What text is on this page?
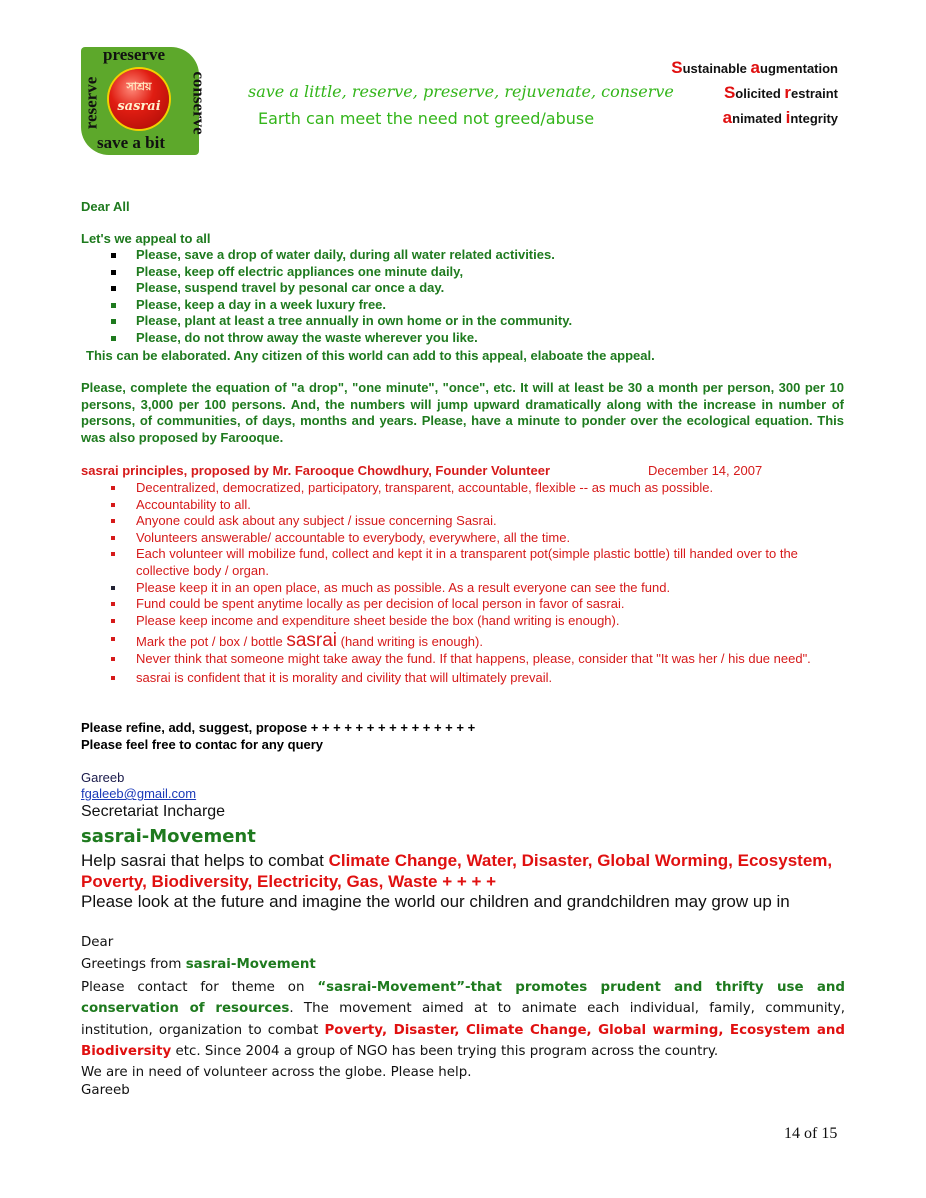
preserve
reserve	conserve
save a bit
সাশ্রয়
sasrai
save a little, reserve, preserve, rejuvenate, conserve
Earth can meet the need not greed/abuse
Sustainable augmentation
Solicited restraint
animated integrity
Dear All
Let's we appeal to all
Please, save a drop of water daily, during all water related activities.
Please, keep off electric appliances one minute daily,
Please, suspend travel by pesonal car once a day.
Please, keep a day in a week luxury free.
Please, plant at least a tree annually in own home or in the community.
Please, do not throw away the waste wherever you like.
This can be elaborated. Any citizen of this world can add to this appeal, elaboate the appeal.
Please, complete the equation of "a drop", "one minute", "once", etc. It will at least be 30 a month per person, 300 per 10 persons, 3,000 per 100 persons. And, the numbers will jump upward dramatically along with the increase in number of persons, of communities, of days, months and years. Please, have a minute to ponder over the ecological equation. This was also proposed by Farooque.
sasrai principles, proposed by Mr. Farooque Chowdhury, Founder Volunteer	December 14, 2007
Decentralized, democratized, participatory, transparent, accountable, flexible -- as much as possible.
Accountability to all.
Anyone could ask about any subject / issue concerning Sasrai.
Volunteers answerable/ accountable to everybody, everywhere, all the time.
Each volunteer will mobilize fund, collect and kept it in a transparent pot(simple plastic bottle) till handed over to the collective body / organ.
Please keep it in an open place, as much as possible. As a result everyone can see the fund.
Fund could be spent anytime locally as per decision of local person in favor of sasrai.
Please keep income and expenditure sheet beside the box (hand writing is enough).
Mark the pot / box / bottle sasrai (hand writing is enough).
Never think that someone might take away the fund. If that happens, please, consider that "It was her / his due need".
sasrai is confident that it is morality and civility that will ultimately prevail.
Please refine, add, suggest, propose + + + + + + + + + + + + + + +
Please feel free to contac for any query
Gareeb
fgaleeb@gmail.com
Secretariat Incharge
sasrai-Movement
Help sasrai that helps to combat Climate Change, Water, Disaster, Global Worming, Ecosystem, Poverty, Biodiversity, Electricity, Gas, Waste + + + +
Please look at the future and imagine the world our children and grandchildren may grow up in
Dear
Greetings from sasrai-Movement
Please contact for theme on “sasrai-Movement”-that promotes prudent and thrifty use and conservation of resources. The movement aimed at to animate each individual, family, community, institution, organization to combat Poverty, Disaster, Climate Change, Global warming, Ecosystem and Biodiversity etc. Since 2004 a group of NGO has been trying this program across the country.
We are in need of volunteer across the globe. Please help.
Gareeb
14 of 15
